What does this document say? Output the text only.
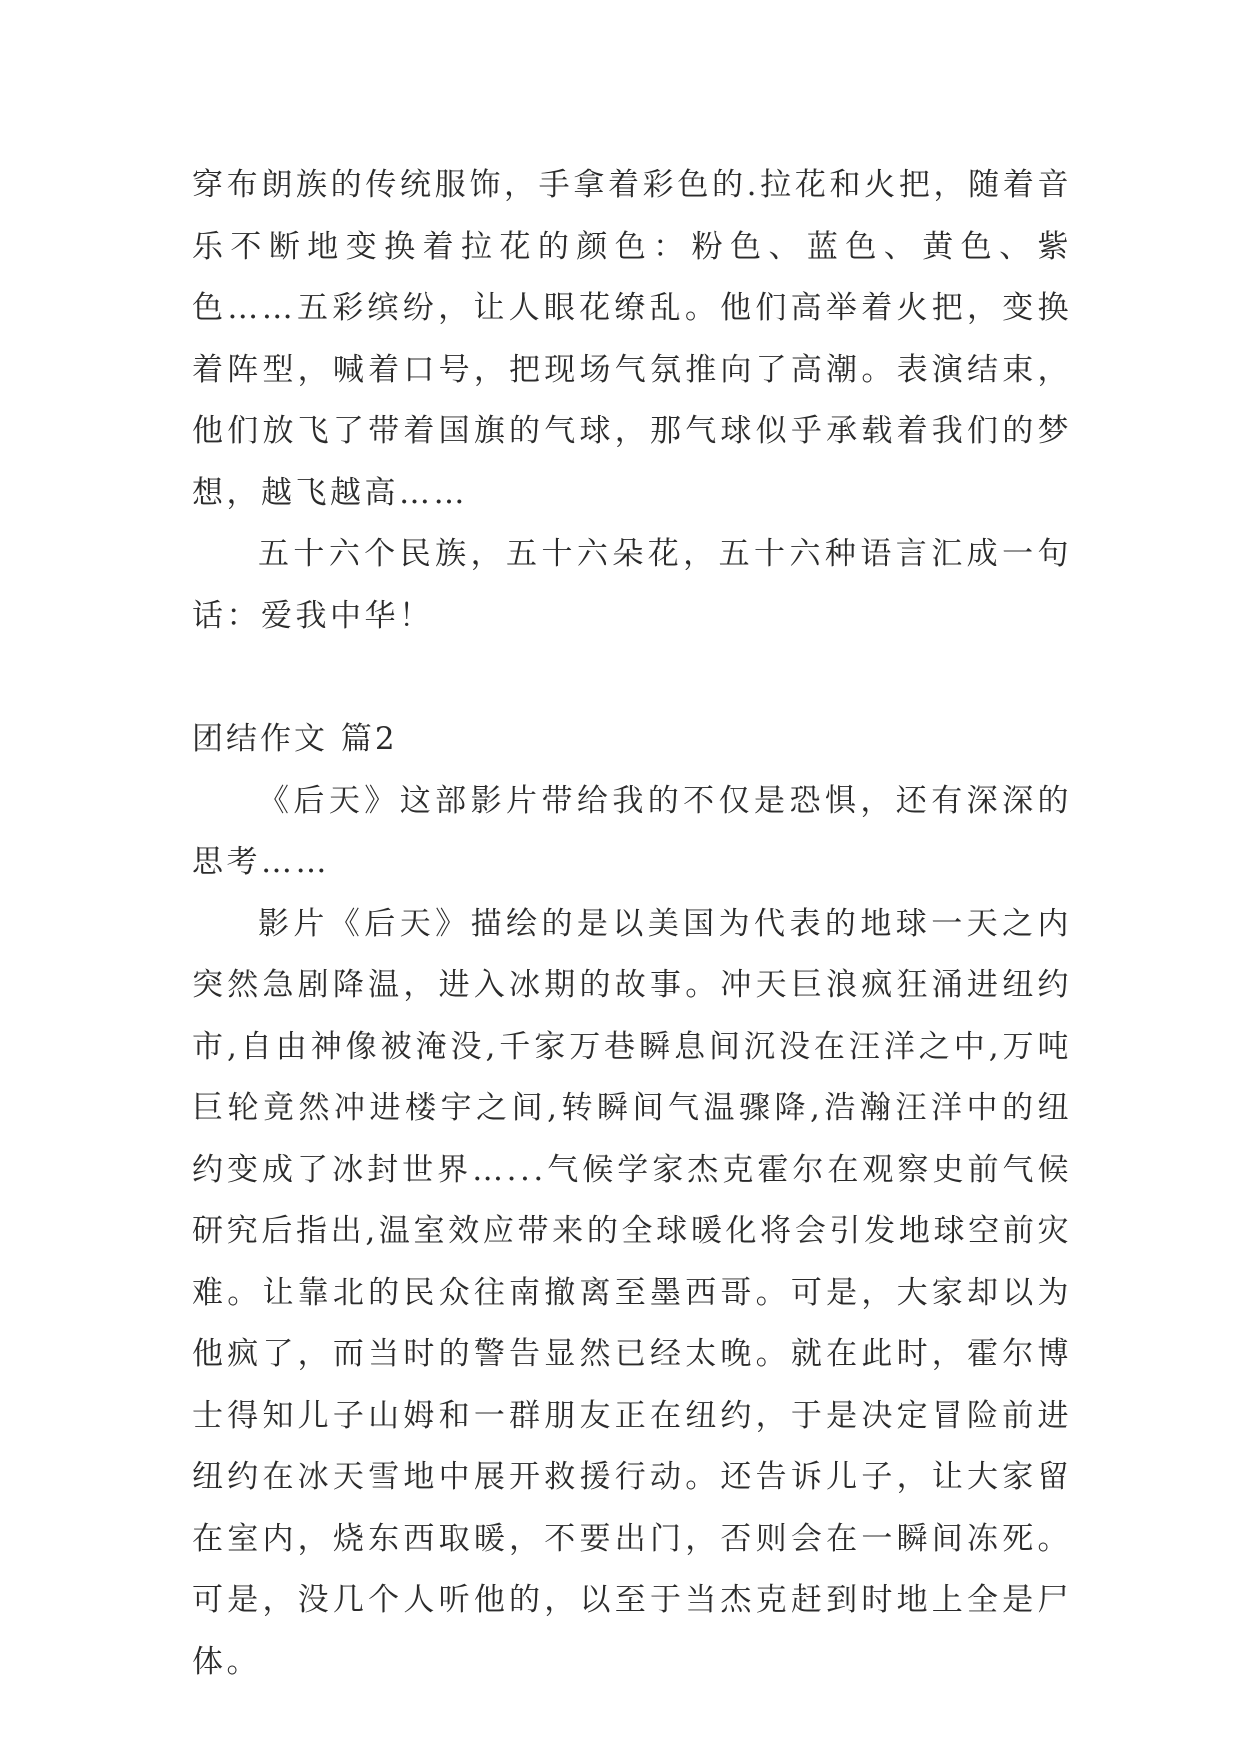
穿布朗族的传统服饰，手拿着彩色的.拉花和火把，随着音乐不断地变换着拉花的颜色：粉色、蓝色、黄色、紫色……五彩缤纷，让人眼花缭乱。他们高举着火把，变换着阵型，喊着口号，把现场气氛推向了高潮。表演结束，他们放飞了带着国旗的气球，那气球似乎承载着我们的梦想，越飞越高……

五十六个民族，五十六朵花，五十六种语言汇成一句话：爱我中华！

团结作文 篇2

《后天》这部影片带给我的不仅是恐惧，还有深深的思考……

影片《后天》描绘的是以美国为代表的地球一天之内突然急剧降温，进入冰期的故事。冲天巨浪疯狂涌进纽约市,自由神像被淹没,千家万巷瞬息间沉没在汪洋之中,万吨巨轮竟然冲进楼宇之间,转瞬间气温骤降,浩瀚汪洋中的纽约变成了冰封世界…...气候学家杰克霍尔在观察史前气候研究后指出,温室效应带来的全球暖化将会引发地球空前灾难。让靠北的民众往南撤离至墨西哥。可是，大家却以为他疯了，而当时的警告显然已经太晚。就在此时，霍尔博士得知儿子山姆和一群朋友正在纽约，于是决定冒险前进纽约在冰天雪地中展开救援行动。还告诉儿子，让大家留在室内，烧东西取暖，不要出门，否则会在一瞬间冻死。可是，没几个人听他的，以至于当杰克赶到时地上全是尸体。
